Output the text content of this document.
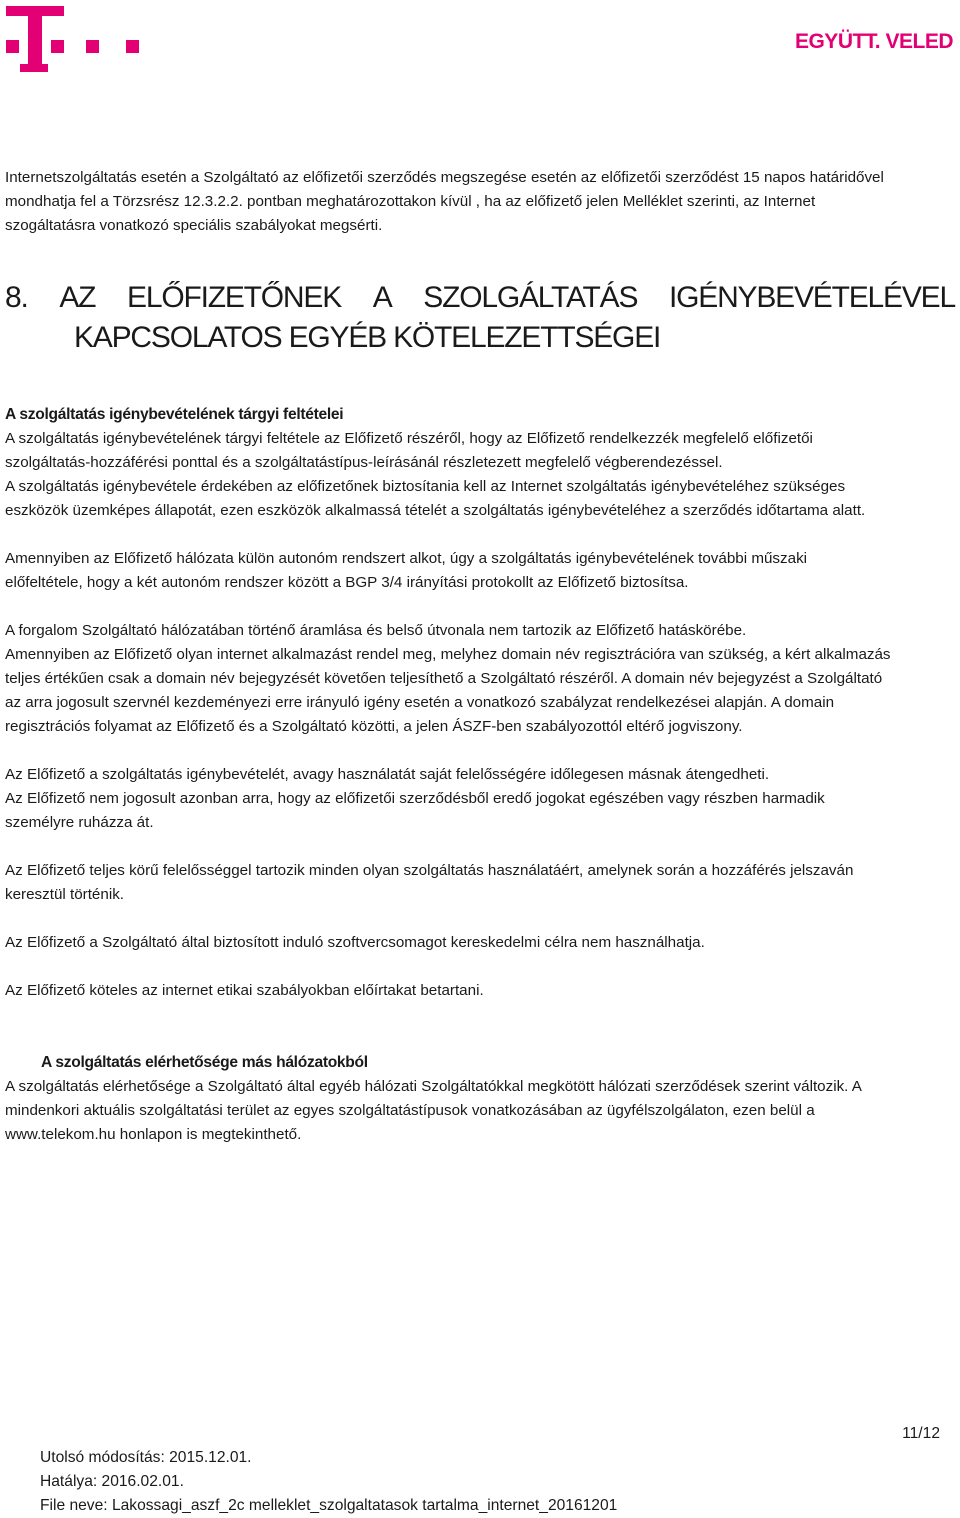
EGYÜTT. VELED

Internetszolgáltatás esetén a Szolgáltató az előfizetői szerződés megszegése esetén az előfizetői szerződést 15 napos határidővel

mondhatja fel a Törzsrész 12.3.2.2. pontban meghatározottakon kívül , ha az előfizető jelen Melléklet szerinti, az Internet

szogáltatásra vonatkozó speciális szabályokat megsérti.

8. AZ ELŐFIZETŐNEK A SZOLGÁLTATÁS IGÉNYBEVÉTELÉVEL
KAPCSOLATOS EGYÉB KÖTELEZETTSÉGEI
A szolgáltatás igénybevételének tárgyi feltételei

A szolgáltatás igénybevételének tárgyi feltétele az Előfizető részéről, hogy az Előfizető rendelkezzék megfelelő előfizetői

szolgáltatás-hozzáférési ponttal és a szolgáltatástípus-leírásánál részletezett megfelelő végberendezéssel.

A szolgáltatás igénybevétele érdekében az előfizetőnek biztosítania kell az Internet szolgáltatás igénybevételéhez szükséges

eszközök üzemképes állapotát, ezen eszközök alkalmassá tételét a szolgáltatás igénybevételéhez a szerződés időtartama alatt.

Amennyiben az Előfizető hálózata külön autonóm rendszert alkot, úgy a szolgáltatás igénybevételének további műszaki

előfeltétele, hogy a két autonóm rendszer között a BGP 3/4 irányítási protokollt az Előfizető biztosítsa.

A forgalom Szolgáltató hálózatában történő áramlása és belső útvonala nem tartozik az Előfizető hatáskörébe.

Amennyiben az Előfizető olyan internet alkalmazást rendel meg, melyhez domain név regisztrációra van szükség, a kért alkalmazás

teljes értékűen csak a domain név bejegyzését követően teljesíthető a Szolgáltató részéről. A domain név bejegyzést a Szolgáltató

az arra jogosult szervnél kezdeményezi erre irányuló igény esetén a vonatkozó szabályzat rendelkezései alapján. A domain

regisztrációs folyamat az Előfizető és a Szolgáltató közötti, a jelen ÁSZF-ben szabályozottól eltérő jogviszony.

Az Előfizető a szolgáltatás igénybevételét, avagy használatát saját felelősségére időlegesen másnak átengedheti.

Az Előfizető nem jogosult azonban arra, hogy az előfizetői szerződésből eredő jogokat egészében vagy részben harmadik

személyre ruházza át.

Az Előfizető teljes körű felelősséggel tartozik minden olyan szolgáltatás használatáért, amelynek során a hozzáférés jelszaván

keresztül történik.

Az Előfizető a Szolgáltató által biztosított induló szoftvercsomagot kereskedelmi célra nem használhatja.

Az Előfizető köteles az internet etikai szabályokban előírtakat betartani.

A szolgáltatás elérhetősége más hálózatokból

A szolgáltatás elérhetősége a Szolgáltató által egyéb hálózati Szolgáltatókkal megkötött hálózati szerződések szerint változik. A

mindenkori aktuális szolgáltatási terület az egyes szolgáltatástípusok vonatkozásában az ügyfélszolgálaton, ezen belül a

www.telekom.hu honlapon is megtekinthető.

11/12
Utolsó módosítás: 2015.12.01.
Hatálya: 2016.02.01.
File neve: Lakossagi_aszf_2c melleklet_szolgaltatasok tartalma_internet_20161201
